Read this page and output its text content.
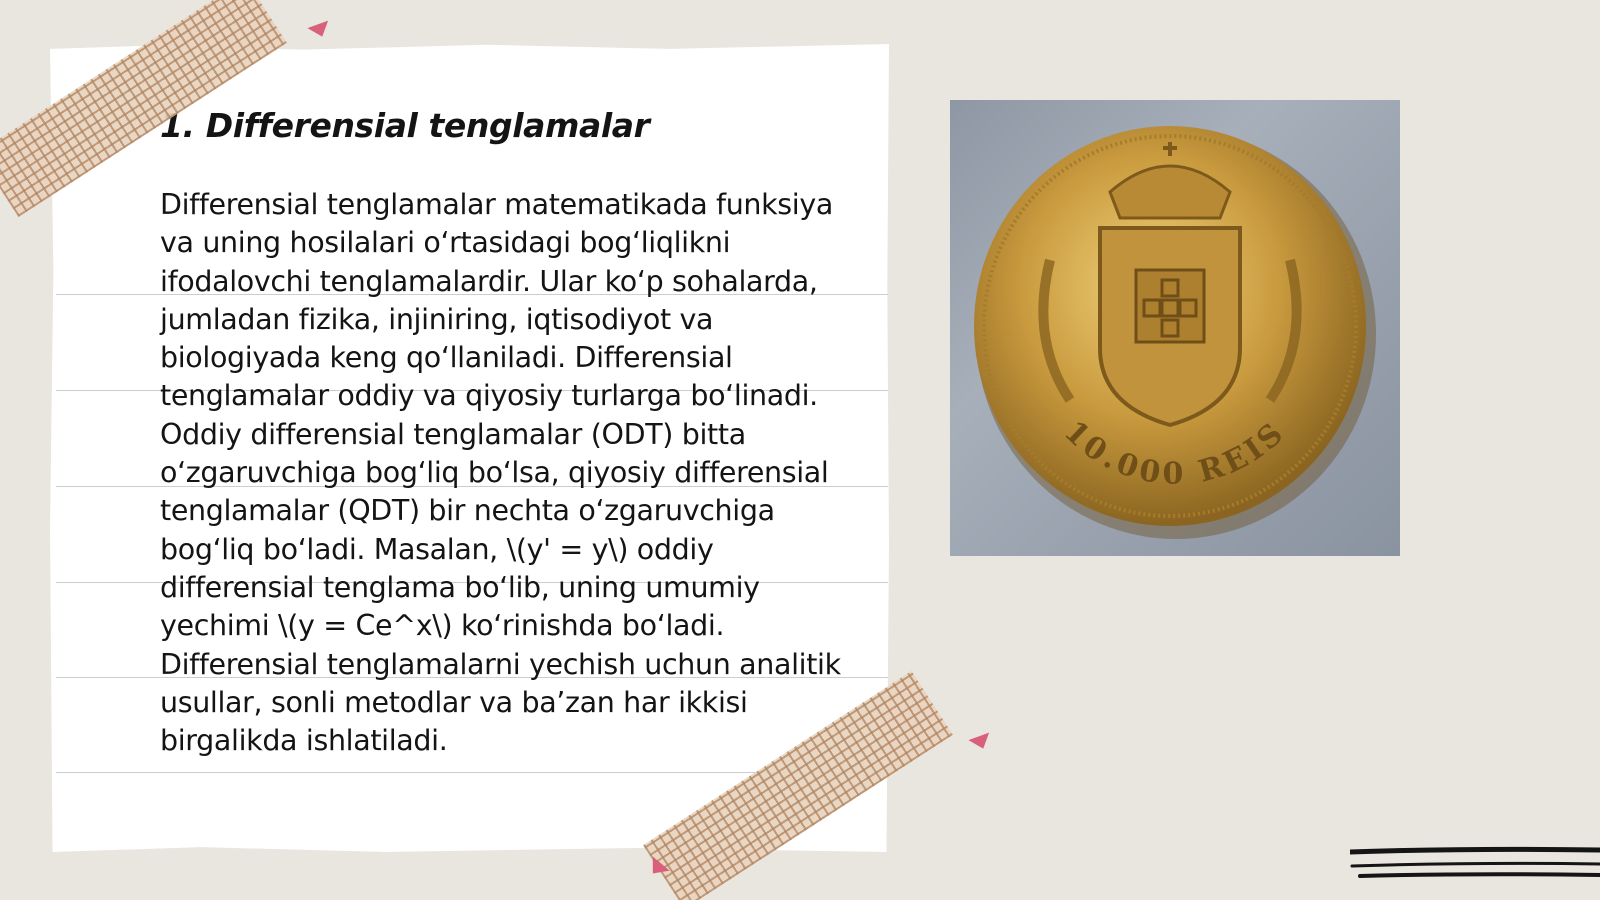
1. Differensial tenglamalar

Differensial tenglamalar matematikada funksiya va uning hosilalari o‘rtasidagi bog‘liqlikni ifodalovchi tenglamalardir. Ular ko‘p sohalarda, jumladan fizika, injiniring, iqtisodiyot va biologiyada keng qo‘llaniladi. Differensial tenglamalar oddiy va qiyosiy turlarga bo‘linadi. Oddiy differensial tenglamalar (ODT) bitta o‘zgaruvchiga bog‘liq bo‘lsa, qiyosiy differensial tenglamalar (QDT) bir nechta o‘zgaruvchiga bog‘liq bo‘ladi. Masalan, \(y' = y\) oddiy differensial tenglama bo‘lib, uning umumiy yechimi \(y = Ce^x\) ko‘rinishda bo‘ladi. Differensial tenglamalarni yechish uchun analitik usullar, sonli metodlar va ba’zan har ikkisi birgalikda ishlatiladi.

10.000 REIS
